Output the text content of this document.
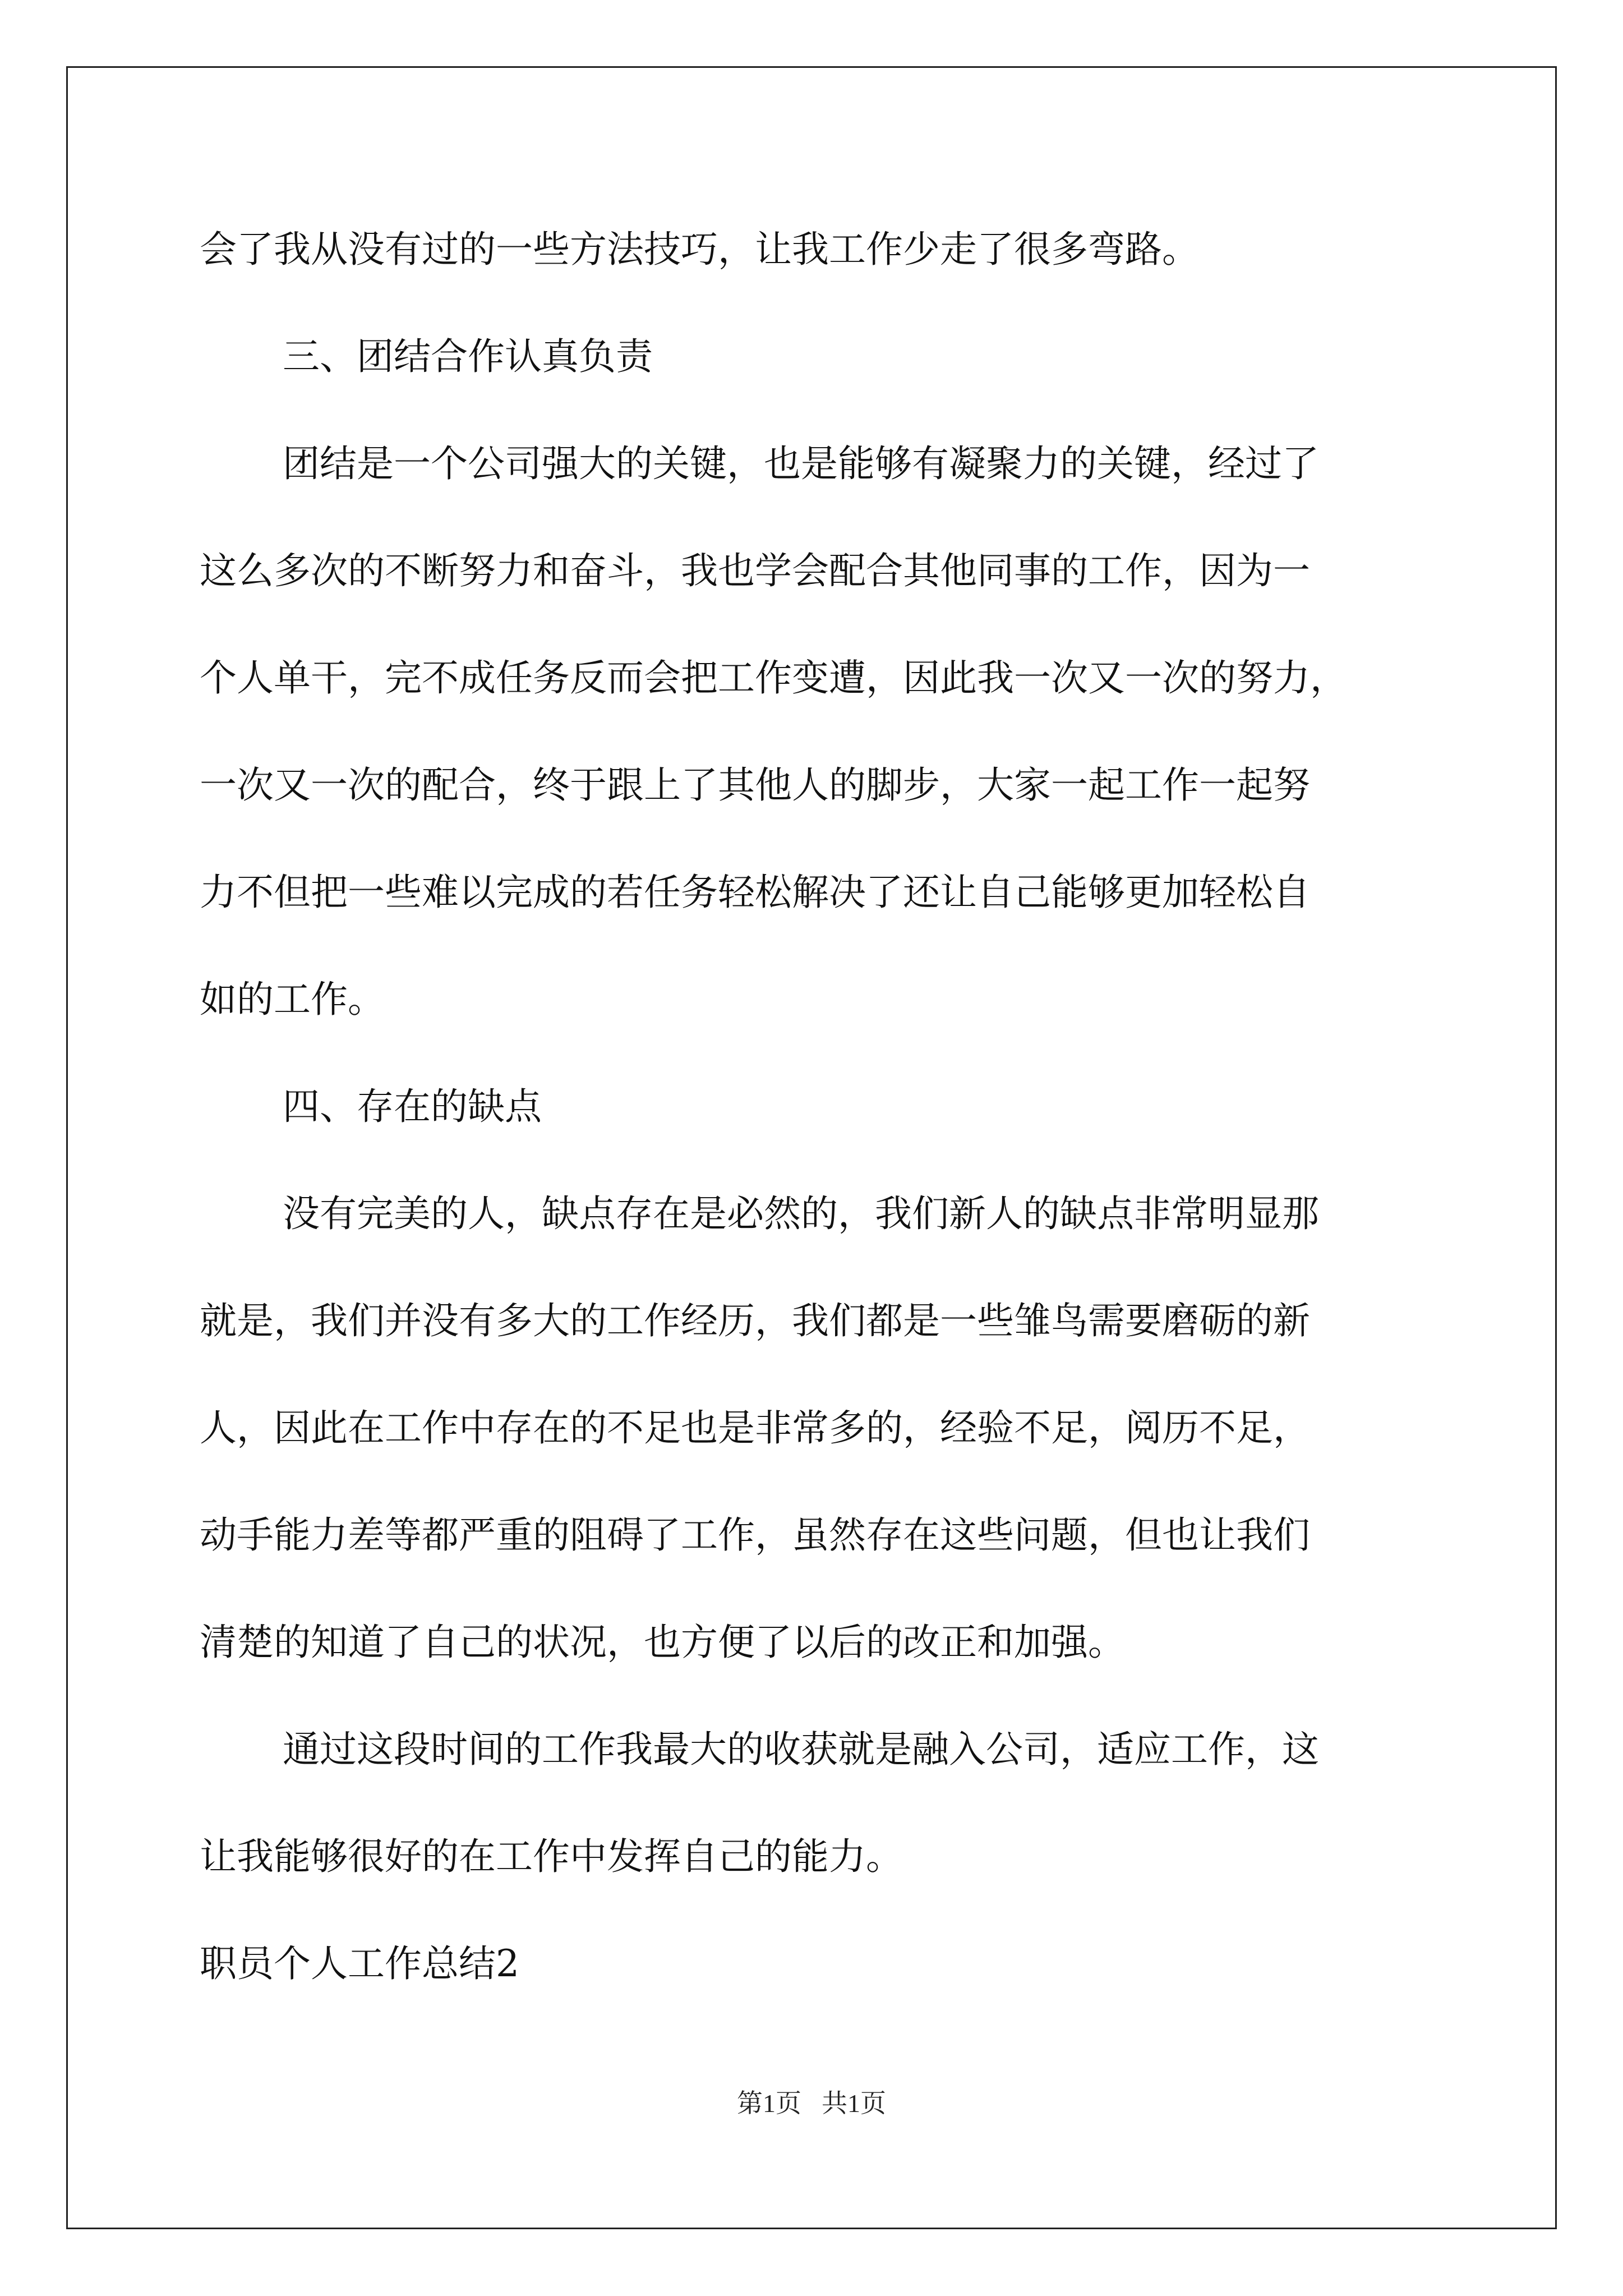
会了我从没有过的一些方法技巧，让我工作少走了很多弯路。
三、团结合作认真负责
团结是一个公司强大的关键，也是能够有凝聚力的关键，经过了
这么多次的不断努力和奋斗，我也学会配合其他同事的工作，因为一
个人单干，完不成任务反而会把工作变遭，因此我一次又一次的努力，
一次又一次的配合，终于跟上了其他人的脚步，大家一起工作一起努
力不但把一些难以完成的若任务轻松解决了还让自己能够更加轻松自
如的工作。
四、存在的缺点
没有完美的人，缺点存在是必然的，我们新人的缺点非常明显那
就是，我们并没有多大的工作经历，我们都是一些雏鸟需要磨砺的新
人，因此在工作中存在的不足也是非常多的，经验不足，阅历不足，
动手能力差等都严重的阻碍了工作，虽然存在这些问题，但也让我们
清楚的知道了自己的状况，也方便了以后的改正和加强。
通过这段时间的工作我最大的收获就是融入公司，适应工作，这
让我能够很好的在工作中发挥自己的能力。
职员个人工作总结2
第1页 共1页
